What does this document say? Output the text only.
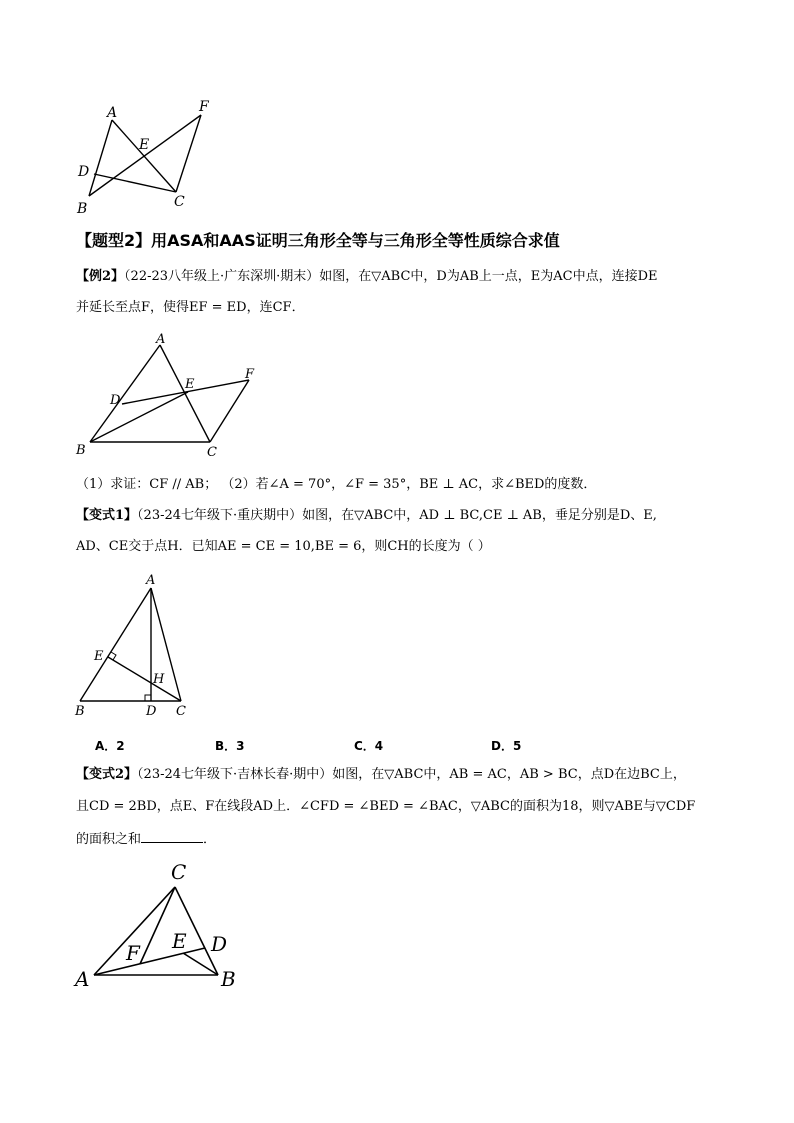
A	F
E
D
B	C
【题型2】用ASA和AAS证明三角形全等与三角形全等性质综合求值
【例2】（22-23八年级上·广东深圳·期末）如图，在▽ABC中，D为AB上一点，E为AC中点，连接DE
并延长至点F，使得EF = ED，连CF．
A
F
E
D
B	C
（1）求证：CF // AB； （2）若∠A = 70°，∠F = 35°，BE ⊥ AC，求∠BED的度数．
【变式1】（23-24七年级下·重庆期中）如图，在▽ABC中，AD ⊥ BC,CE ⊥ AB，垂足分别是D、E,
AD、CE交于点H．已知AE = CE = 10,BE = 6，则CH的长度为（ ）
A
E
H
B	D C
A．2	B．3	C．4	D．5
【变式2】（23-24七年级下·吉林长春·期中）如图，在▽ABC中，AB = AC，AB > BC，点D在边BC上，
且CD = 2BD，点E、F在线段AD上．∠CFD = ∠BED = ∠BAC，▽ABC的面积为18，则▽ABE与▽CDF
的面积之和	．
C
E D
F
A	B
